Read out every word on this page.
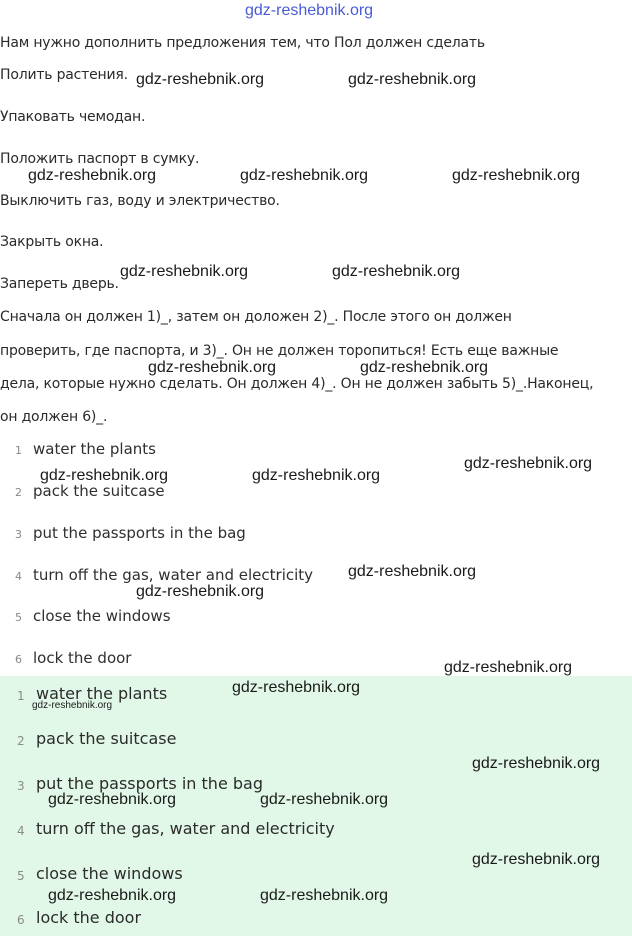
gdz-reshebnik.org
Нам нужно дополнить предложения тем, что Пол должен сделать
Полить растения.
Упаковать чемодан.
Положить паспорт в сумку.
Выключить газ, воду и электричество.
Закрыть окна.
Запереть дверь.
Сначала он должен 1)_, затем он доложен 2)_. После этого он должен
проверить, где паспорта, и 3)_. Он не должен торопиться! Есть еще важные
дела, которые нужно сделать. Он должен 4)_. Он не должен забыть 5)_.Наконец,
он должен 6)_.
1 water the plants
2 pack the suitcase
3 put the passports in the bag
4 turn off the gas, water and electricity
5 close the windows
6 lock the door
1 water the plants
2 pack the suitcase
3 put the passports in the bag
4 turn off the gas, water and electricity
5 close the windows
6 lock the door
gdz-reshebnik.org	gdz-reshebnik.org
gdz-reshebnik.org	gdz-reshebnik.org	gdz-reshebnik.org
gdz-reshebnik.org	gdz-reshebnik.org
gdz-reshebnik.org	gdz-reshebnik.org
gdz-reshebnik.org	gdz-reshebnik.org
gdz-reshebnik.org
gdz-reshebnik.org
gdz-reshebnik.org
gdz-reshebnik.org
gdz-reshebnik.org
gdz-reshebnik.org
gdz-reshebnik.org
gdz-reshebnik.org	gdz-reshebnik.org
gdz-reshebnik.org
gdz-reshebnik.org	gdz-reshebnik.org
